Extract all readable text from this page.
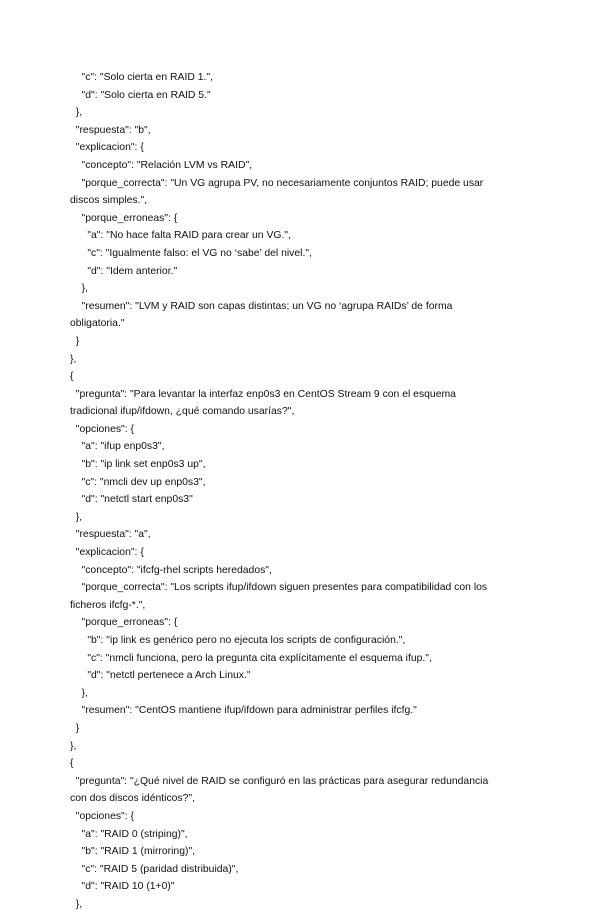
"c": "Solo cierta en RAID 1.",
"d": "Solo cierta en RAID 5."
},
"respuesta": "b",
"explicacion": {
"concepto": "Relación LVM vs RAID",
"porque_correcta": "Un VG agrupa PV, no necesariamente conjuntos RAID; puede usar
discos simples.",
"porque_erroneas": {
"a": "No hace falta RAID para crear un VG.",
"c": "Igualmente falso: el VG no ‘sabe’ del nivel.",
"d": "Idem anterior."
},
"resumen": "LVM y RAID son capas distintas; un VG no ‘agrupa RAIDs’ de forma
obligatoria."
}
},
{
"pregunta": "Para levantar la interfaz enp0s3 en CentOS Stream 9 con el esquema
tradicional ifup/ifdown, ¿qué comando usarías?",
"opciones": {
"a": "ifup enp0s3",
"b": "ip link set enp0s3 up",
"c": "nmcli dev up enp0s3",
"d": "netctl start enp0s3"
},
"respuesta": "a",
"explicacion": {
"concepto": "ifcfg-rhel scripts heredados",
"porque_correcta": "Los scripts ifup/ifdown siguen presentes para compatibilidad con los
ficheros ifcfg-*.",
"porque_erroneas": {
"b": "ip link es genérico pero no ejecuta los scripts de configuración.",
"c": "nmcli funciona, pero la pregunta cita explícitamente el esquema ifup.",
"d": "netctl pertenece a Arch Linux."
},
"resumen": "CentOS mantiene ifup/ifdown para administrar perfiles ifcfg."
}
},
{
"pregunta": "¿Qué nivel de RAID se configuró en las prácticas para asegurar redundancia
con dos discos idénticos?",
"opciones": {
"a": "RAID 0 (striping)",
"b": "RAID 1 (mirroring)",
"c": "RAID 5 (paridad distribuida)",
"d": "RAID 10 (1+0)"
},
